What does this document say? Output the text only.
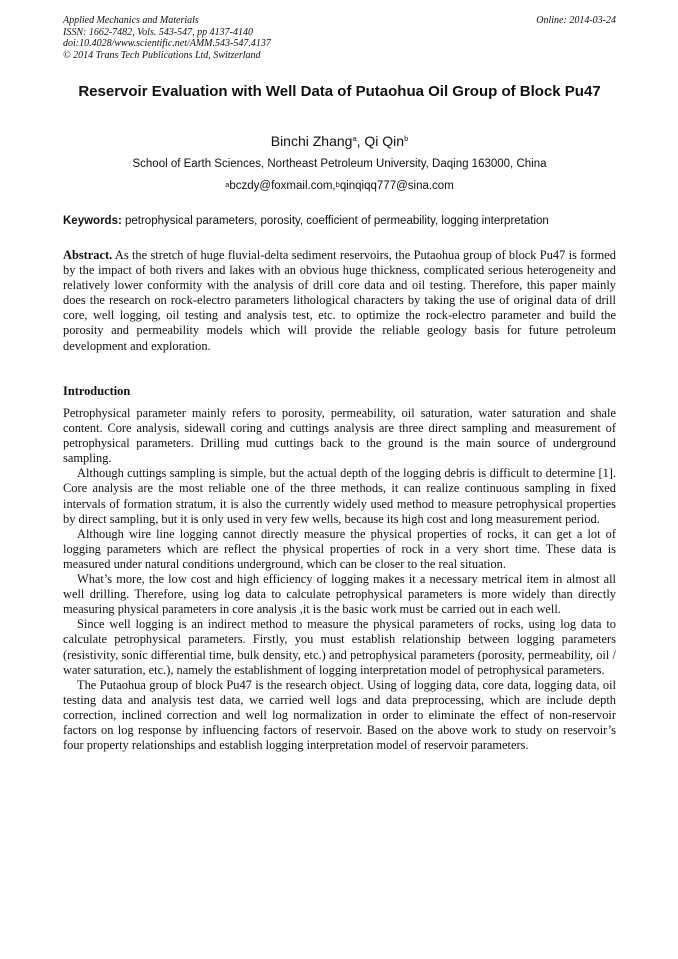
Applied Mechanics and Materials
ISSN: 1662-7482, Vols. 543-547, pp 4137-4140
doi:10.4028/www.scientific.net/AMM.543-547.4137
© 2014 Trans Tech Publications Ltd, Switzerland
Online: 2014-03-24
Reservoir Evaluation with Well Data of Putaohua Oil Group of Block Pu47
Binchi Zhang$^a$, Qi Qin$^b$
School of Earth Sciences, Northeast Petroleum University, Daqing 163000, China
$^a$bczdy@foxmail.com,$^b$qinqiqq777@sina.com
Keywords: petrophysical parameters, porosity, coefficient of permeability, logging interpretation
Abstract. As the stretch of huge fluvial-delta sediment reservoirs, the Putaohua group of block Pu47 is formed by the impact of both rivers and lakes with an obvious huge thickness, complicated serious heterogeneity and relatively lower conformity with the analysis of drill core data and oil testing. Therefore, this paper mainly does the research on rock-electro parameters lithological characters by taking the use of original data of drill core, well logging, oil testing and analysis test, etc. to optimize the rock-electro parameter and build the porosity and permeability models which will provide the reliable geology basis for future petroleum development and exploration.
Introduction

Petrophysical parameter mainly refers to porosity, permeability, oil saturation, water saturation and shale content. Core analysis, sidewall coring and cuttings analysis are three direct sampling and measurement of petrophysical parameters. Drilling mud cuttings back to the ground is the main source of underground sampling.

Although cuttings sampling is simple, but the actual depth of the logging debris is difficult to determine [1]. Core analysis are the most reliable one of the three methods, it can realize continuous sampling in fixed intervals of formation stratum, it is also the currently widely used method to measure petrophysical properties by direct sampling, but it is only used in very few wells, because its high cost and long measurement period.

Although wire line logging cannot directly measure the physical properties of rocks, it can get a lot of logging parameters which are reflect the physical properties of rock in a very short time. These data is measured under natural conditions underground, which can be closer to the real situation.

What’s more, the low cost and high efficiency of logging makes it a necessary metrical item in almost all well drilling. Therefore, using log data to calculate petrophysical parameters is more widely than directly measuring physical parameters in core analysis ,it is the basic work must be carried out in each well.

Since well logging is an indirect method to measure the physical parameters of rocks, using log data to calculate petrophysical parameters. Firstly, you must establish relationship between logging parameters (resistivity, sonic differential time, bulk density, etc.) and petrophysical parameters (porosity, permeability, oil / water saturation, etc.), namely the establishment of logging interpretation model of petrophysical parameters.

The Putaohua group of block Pu47 is the research object. Using of logging data, core data, logging data, oil testing data and analysis test data, we carried well logs and data preprocessing, which are include depth correction, inclined correction and well log normalization in order to eliminate the effect of non-reservoir factors on log response by influencing factors of reservoir. Based on the above work to study on reservoir’s four property relationships and establish logging interpretation model of reservoir parameters.
